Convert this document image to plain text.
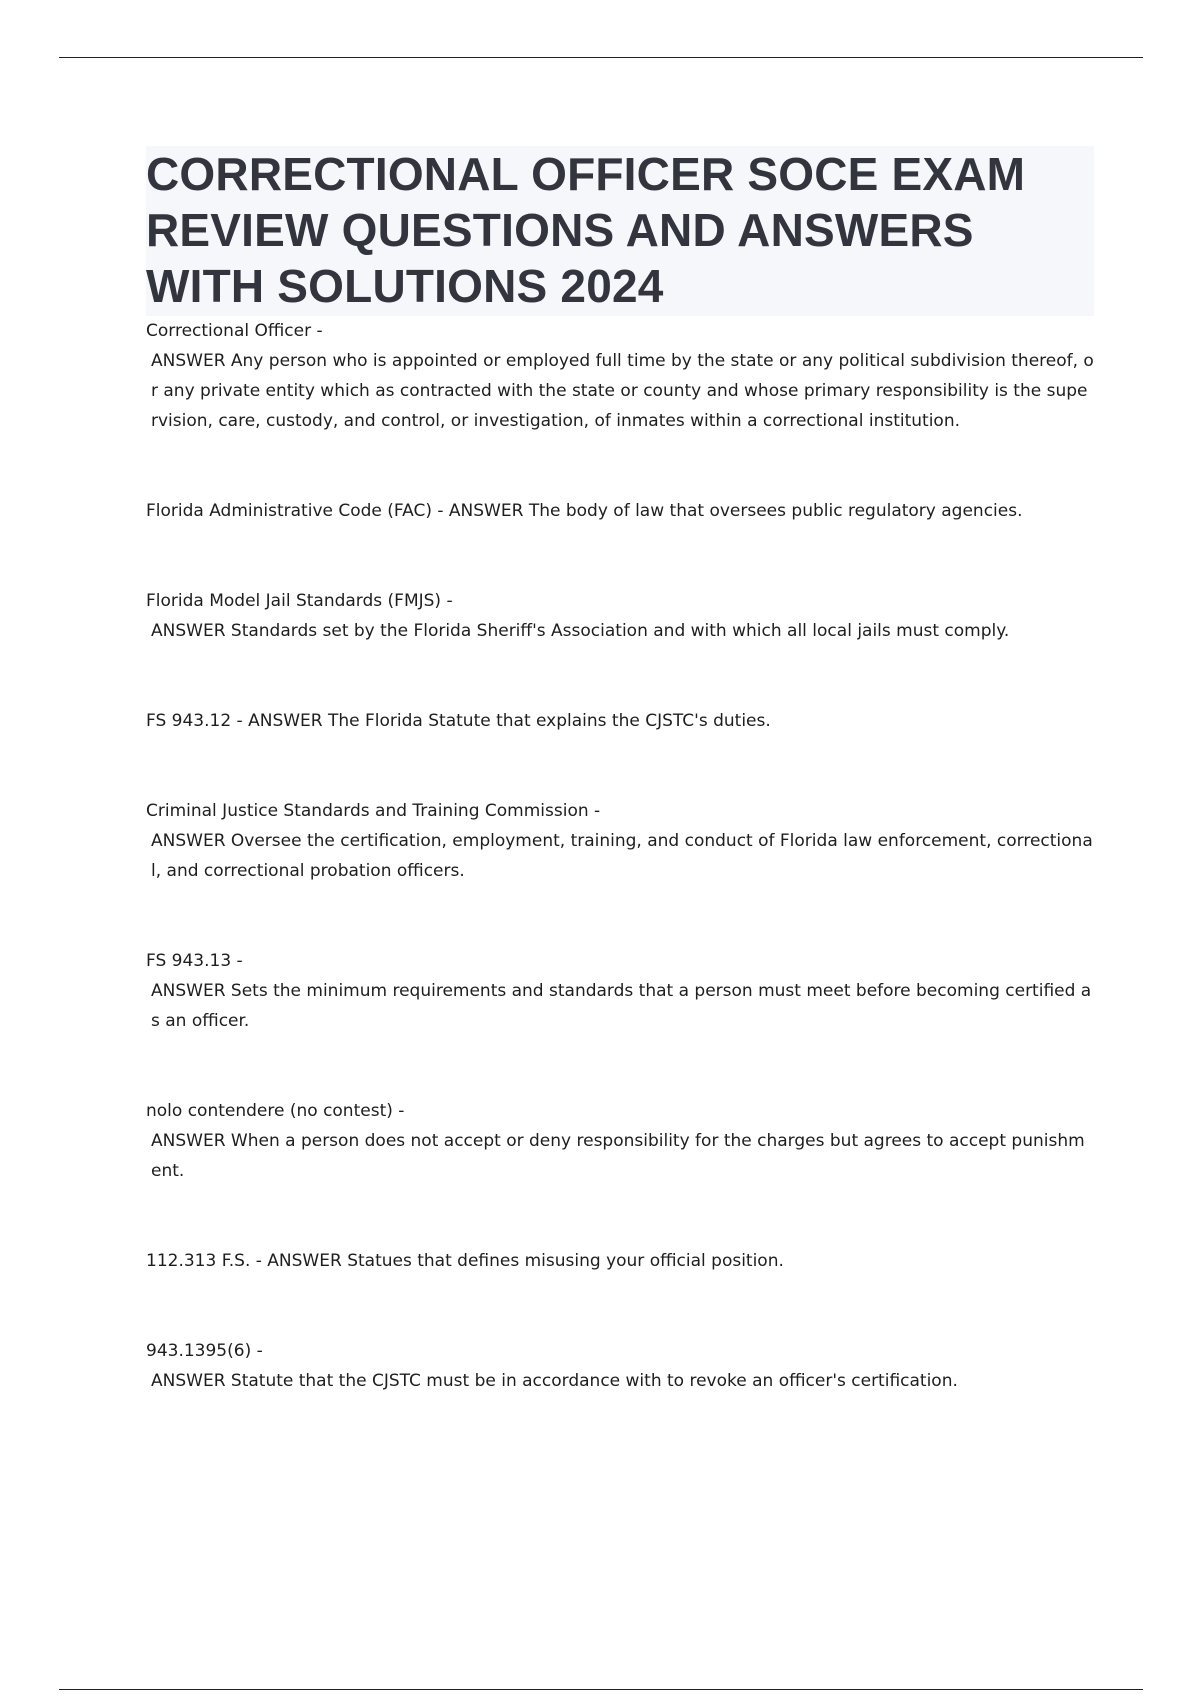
CORRECTIONAL OFFICER SOCE EXAM REVIEW QUESTIONS AND ANSWERS WITH SOLUTIONS 2024
Correctional Officer -
ANSWER Any person who is appointed or employed full time by the state or any political subdivision thereof, or any private entity which as contracted with the state or county and whose primary responsibility is the supervision, care, custody, and control, or investigation, of inmates within a correctional institution.
Florida Administrative Code (FAC) - ANSWER The body of law that oversees public regulatory agencies.
Florida Model Jail Standards (FMJS) -
ANSWER Standards set by the Florida Sheriff's Association and with which all local jails must comply.
FS 943.12 - ANSWER The Florida Statute that explains the CJSTC's duties.
Criminal Justice Standards and Training Commission -
ANSWER Oversee the certification, employment, training, and conduct of Florida law enforcement, correctional, and correctional probation officers.
FS 943.13 -
ANSWER Sets the minimum requirements and standards that a person must meet before becoming certified as an officer.
nolo contendere (no contest) -
ANSWER When a person does not accept or deny responsibility for the charges but agrees to accept punishment.
112.313 F.S. - ANSWER Statues that defines misusing your official position.
943.1395(6) -
ANSWER Statute that the CJSTC must be in accordance with to revoke an officer's certification.
